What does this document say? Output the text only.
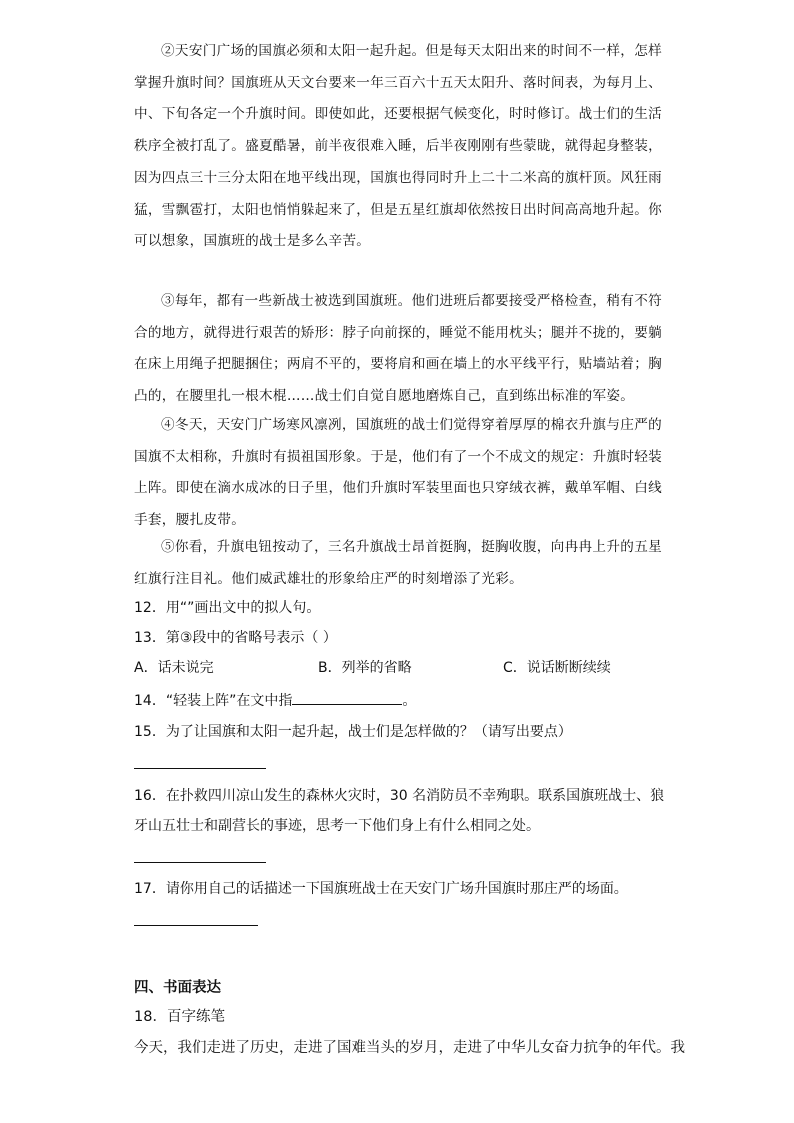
②天安门广场的国旗必须和太阳一起升起。但是每天太阳出来的时间不一样，怎样掌握升旗时间？国旗班从天文台要来一年三百六十五天太阳升、落时间表，为每月上、中、下旬各定一个升旗时间。即使如此，还要根据气候变化，时时修订。战士们的生活秩序全被打乱了。盛夏酷暑，前半夜很难入睡，后半夜刚刚有些蒙眬，就得起身整装，因为四点三十三分太阳在地平线出现，国旗也得同时升上二十二米高的旗杆顶。风狂雨猛，雪飘雹打，太阳也悄悄躲起来了，但是五星红旗却依然按日出时间高高地升起。你可以想象，国旗班的战士是多么辛苦。
③每年，都有一些新战士被选到国旗班。他们进班后都要接受严格检查，稍有不符合的地方，就得进行艰苦的矫形：脖子向前探的，睡觉不能用枕头；腿并不拢的，要躺在床上用绳子把腿捆住；两肩不平的，要将肩和画在墙上的水平线平行，贴墙站着；胸凸的，在腰里扎一根木棍……战士们自觉自愿地磨炼自己，直到练出标准的军姿。
④冬天，天安门广场寒风凛冽，国旗班的战士们觉得穿着厚厚的棉衣升旗与庄严的国旗不太相称，升旗时有损祖国形象。于是，他们有了一个不成文的规定：升旗时轻装上阵。即使在滴水成冰的日子里，他们升旗时军装里面也只穿绒衣裤，戴单军帽、白线手套，腰扎皮带。
⑤你看，升旗电钮按动了，三名升旗战士昂首挺胸，挺胸收腹，向冉冉上升的五星红旗行注目礼。他们威武雄壮的形象给庄严的时刻增添了光彩。
12．用“”画出文中的拟人句。
13．第③段中的省略号表示（ ）
A．话未说完	B．列举的省略	C．说话断断续续
14．“轻装上阵”在文中指	。
15．为了让国旗和太阳一起升起，战士们是怎样做的？（请写出要点）
16．在扑救四川凉山发生的森林火灾时，30 名消防员不幸殉职。联系国旗班战士、狼
牙山五壮士和副营长的事迹，思考一下他们身上有什么相同之处。
17．请你用自己的话描述一下国旗班战士在天安门广场升国旗时那庄严的场面。
四、书面表达
18．百字练笔
今天，我们走进了历史，走进了国难当头的岁月，走进了中华儿女奋力抗争的年代。我
